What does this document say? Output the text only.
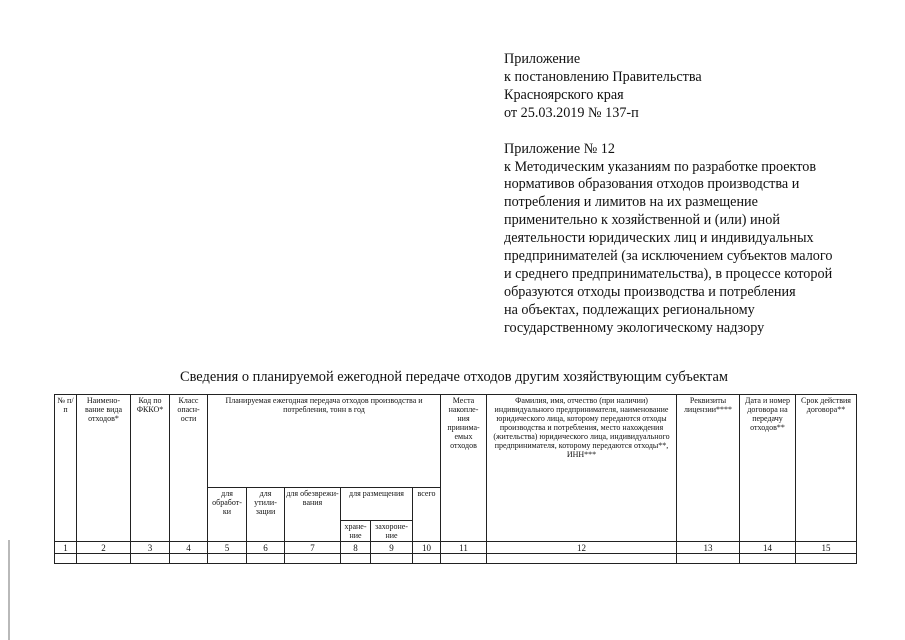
Приложение
к постановлению Правительства
Красноярского края
от 25.03.2019 № 137-п
Приложение № 12
к Методическим указаниям по разработке проектов
нормативов образования отходов производства и
потребления и лимитов на их размещение
применительно к хозяйственной и (или) иной
деятельности юридических лиц и индивидуальных
предпринимателей (за исключением субъектов малого
и среднего предпринимательства), в процессе которой
образуются отходы производства и потребления
на объектах, подлежащих региональному
государственному экологическому надзору
Сведения о планируемой ежегодной передаче отходов другим хозяйствующим субъектам
№ п/п	Наимено- вание вида отходов*	Код по ФККО*	Класс опасн- ости	Планируемая ежегодная передача отходов производства и потребления, тонн в год						Места накопле- ния принима- емых отходов	Фамилия, имя, отчество (при наличии) индивидуального предпринимателя, наименование юридического лица, которому передаются отходы производства и потребления, место нахождения (жительства) юридического лица, индивидуального предпринимателя, которому передаются отходы**, ИНН***	Реквизиты лицензии****	Дата и номер договора на передачу отходов**	Срок действия договора**
				для обработ- ки	для утили- зации	для обезврежи- вания	для размещения		всего					

							хране- ние	захороне- ние						
1	2	3	4	5	6	7	8	9	10	11	12	13	14	15
